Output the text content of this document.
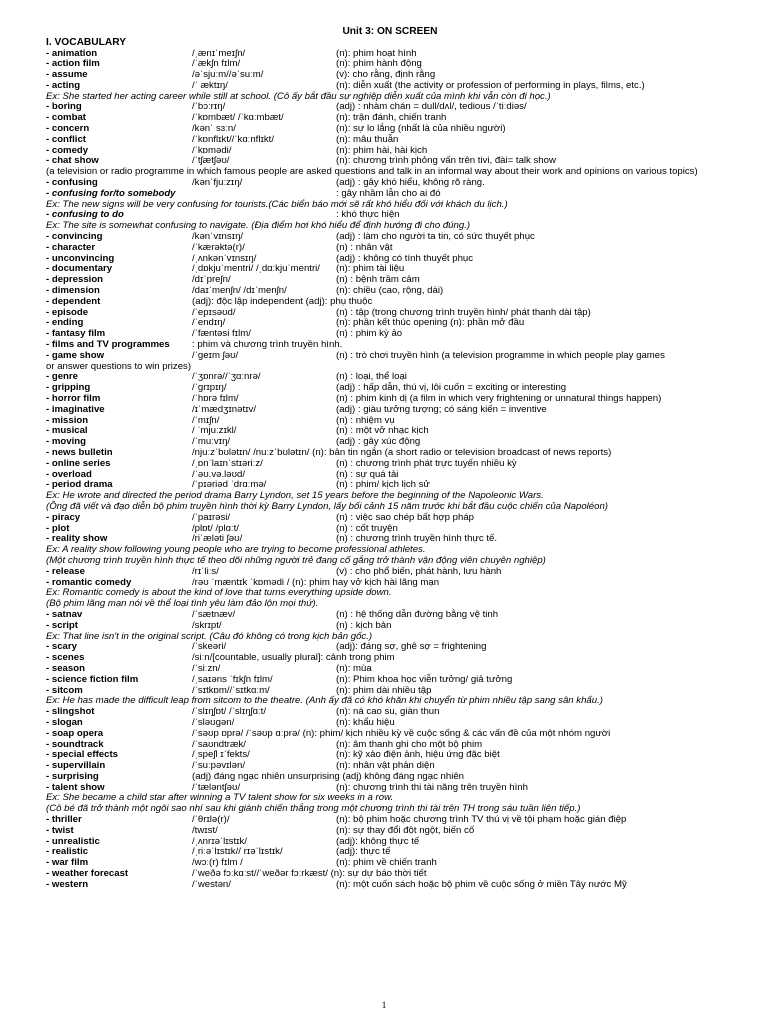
Unit 3: ON SCREEN
I. VOCABULARY
- animation	/ˌænɪˈmeɪʃn/	(n): phim hoạt hình
- action film	/ˈækʃn fɪlm/	(n): phim hành động
- assume	/əˈsjuːm//əˈsuːm/	(v): cho rằng, định rằng
- acting	/ˈ æktɪŋ/	(n): diễn xuất (the activity or profession of performing in plays, films, etc.)
Ex: She started her acting career while still at school. (Cô ấy bắt đầu sự nghiệp diễn xuất của mình khi vẫn còn đi học.)
- boring	/ˈbɔːrɪŋ/	(adj) : nhàm chán = dull/dʌl/, tedious /ˈtiːdiəs/
- combat	/ˈkɒmbæt/ /ˈkɑːmbæt/	(n): trận đánh, chiến tranh
- concern	/kənˈ sɜːn/	(n): sự lo lắng (nhất là của nhiều người)
- conflict	/ˈkɒnflɪkt//ˈkɑːnflɪkt/	(n): mâu thuẫn
- comedy	/ˈkɒmədi/	(n): phim hài, hài kịch
- chat show	/ˈtʃætʃəʊ/	(n): chương trình phỏng vấn trên tivi, đài= talk show
(a television or radio programme in which famous people are asked questions and talk in an informal way about their work and opinions on various topics)
- confusing	/kənˈfjuːzɪŋ/	(adj) : gây khó hiểu, không rõ ràng.
- confusing for/to somebody	: gây nhầm lẫn cho ai đó
Ex: The new signs will be very confusing for tourists.(Các biển báo mới sẽ rất khó hiểu đối với khách du lịch.)
- confusing to do	: khó thực hiện
Ex: The site is somewhat confusing to navigate. (Địa điểm hơi khó hiểu để định hướng đi cho đúng.)
- convincing	/kənˈvɪnsɪŋ/	(adj) : làm cho người ta tin, có sức thuyết phục
- character	/ˈkærəktə(r)/	(n) : nhân vật
- unconvincing	/ˌʌnkənˈvɪnsɪŋ/	(adj) : không có tính thuyết phục
- documentary	/ˌdɒkjuˈmentri/ /ˌdɑːkjuˈmentri/ (n): phim tài liệu
- depression	/dɪˈpreʃn/	(n) : bệnh trầm cảm
- dimension	/daɪˈmenʃn/ /dɪˈmenʃn/	(n): chiều (cao, rộng, dài)
- dependent	(adj): độc lập independent (adj): phụ thuộc
- episode	/ˈepɪsəʊd/	(n) : tập (trong chương trình truyền hình/ phát thanh dài tập)
- ending	/ˈendɪŋ/	(n): phần kết thúc opening (n): phần mở đầu
- fantasy film	/ˈfæntəsi fɪlm/	(n) : phim kỳ ảo
- films and TV programmes : phim và chương trình truyền hình.
- game show	/ˈɡeɪm ʃəʊ/	(n) : trò chơi truyền hình (a television programme in which people play games
or answer questions to win prizes)
- genre	/ˈʒɒnrə//ˈʒɑːnrə/	(n) : loại, thể loại
- gripping	/ˈɡrɪpɪŋ/	(adj) : hấp dẫn, thú vị, lôi cuốn = exciting or interesting
- horror film	/ˈhɒrə fɪlm/	(n) : phim kinh dị (a film in which very frightening or unnatural things happen)
- imaginative	/ɪˈmædʒɪnətɪv/	(adj) : giàu tưởng tượng; có sáng kiến = inventive
- mission	/ˈmɪʃn/	(n) : nhiệm vụ
- musical	/ ˈmjuːzɪkl/	(n) : một vở nhạc kịch
- moving	/ˈmuːvɪŋ/	(adj) : gây xúc động
- news bulletin	/njuːzˈbʊlətɪn/ /nuːzˈbʊlətɪn/ (n): bản tin ngắn (a short radio or television broadcast of news reports)
- online series	/ˌɒnˈlaɪnˈstɪəriːz/	(n) : chương trình phát trực tuyến nhiều kỳ
- overload	/ˈəʊ.və.ləʊd/	(n) : sự quá tải
- period drama	/ˈpɪəriəd ˈdrɑːmə/	(n) : phim/ kịch lịch sử
Ex: He wrote and directed the period drama Barry Lyndon, set 15 years before the beginning of the Napoleonic Wars.
(Ông đã viết và đạo diễn bộ phim truyền hình thời kỳ Barry Lyndon, lấy bối cảnh 15 năm trước khi bắt đầu cuộc chiến của Napoléon)
- piracy	/ˈpaɪrəsi/	(n) : việc sao chép bất hợp pháp
- plot	/plɒt/ /plɑːt/	(n) : cốt truyện
- reality show	/riˈæləti ʃəʊ/	(n) : chương trình truyền hình thực tế.
Ex: A reality show following young people who are trying to become professional athletes.
(Một chương trình truyền hình thực tế theo dõi những người trẻ đang cố gắng trở thành vận động viên chuyên nghiệp)
- release	/rɪˈliːs/	(v) : cho phổ biến, phát hành, lưu hành
- romantic comedy	/rəʊ ˈmæntɪk ˈkɒmədi / (n): phim hay vở kịch hài lãng mạn
Ex: Romantic comedy is about the kind of love that turns everything upside down.
(Bộ phim lãng mạn nói về thể loại tình yêu làm đảo lộn mọi thứ).
- satnav	/ˈsætnæv/	(n) : hệ thống dẫn đường bằng vệ tinh
- script	/skrɪpt/	(n) : kịch bản
Ex: That line isn't in the original script. (Câu đó không có trong kịch bản gốc.)
- scary	/ˈskeəri/	(adj): đáng sợ, ghê sợ = frightening
- scenes	/siːn/[countable, usually plural]: cảnh trong phim
- season	/ˈsiːzn/	(n): mùa
- science fiction film	/ˌsaɪəns ˈfɪkʃn fɪlm/	(n): Phim khoa học viễn tưởng/ giả tưởng
- sitcom	/ˈsɪtkɒm//ˈsɪtkɑːm/	(n): phim dài nhiều tập
Ex: He has made the difficult leap from sitcom to the theatre. (Anh ấy đã có khó khăn khi chuyển từ phim nhiều tập sang sân khấu.)
- slingshot	/ˈslɪŋʃɒt/ /ˈslɪŋʃɑːt/	(n): ná cao su, giàn thun
- slogan	/ˈsləʊɡən/	(n): khẩu hiệu
- soap opera	/ˈsəʊp ɒprə/ /ˈsəʊp ɑːprə/ (n): phim/ kịch nhiều kỳ về cuộc sống & các vấn đề của một nhóm người
- soundtrack	/ˈsaʊndtræk/	(n): âm thanh ghi cho một bộ phim
- special effects	/ˌspeʃl ɪˈfekts/	(n): kỹ xảo điện ảnh, hiệu ứng đặc biệt
- supervillain	/ˈsuːpəvɪlən/	(n): nhân vật phản diện
- surprising	(adj) đáng ngạc nhiên unsurprising (adj) không đáng ngạc nhiên
- talent show	/ˈtæləntʃəʊ/	(n): chương trình thi tài năng trên truyền hình
Ex: She became a child star after winning a TV talent show for six weeks in a row.
(Cô bé đã trở thành một ngôi sao nhí sau khi giành chiến thắng trong một chương trình thi tài trên TH trong sáu tuần liên tiếp.)
- thriller	/ˈθrɪlə(r)/	(n): bộ phim hoặc chương trình TV thú vị về tội phạm hoặc gián điệp
- twist	/twɪst/	(n): sự thay đổi đột ngột, biến cố
- unrealistic	/ˌʌnrɪəˈlɪstɪk/	(adj): không thực tế
- realistic	/ˌriːəˈlɪstɪk// rɪəˈlɪstɪk/	(adj): thực tế
- war film	/wɔː(r) fɪlm /	(n): phim về chiến tranh
- weather forecast	/ˈweðə fɔːkɑːst//ˈweðər fɔːrkæst/ (n): sự dự báo thời tiết
- western	/ˈwestən/	(n): một cuốn sách hoặc bộ phim về cuộc sống ở miền Tây nước Mỹ
1
